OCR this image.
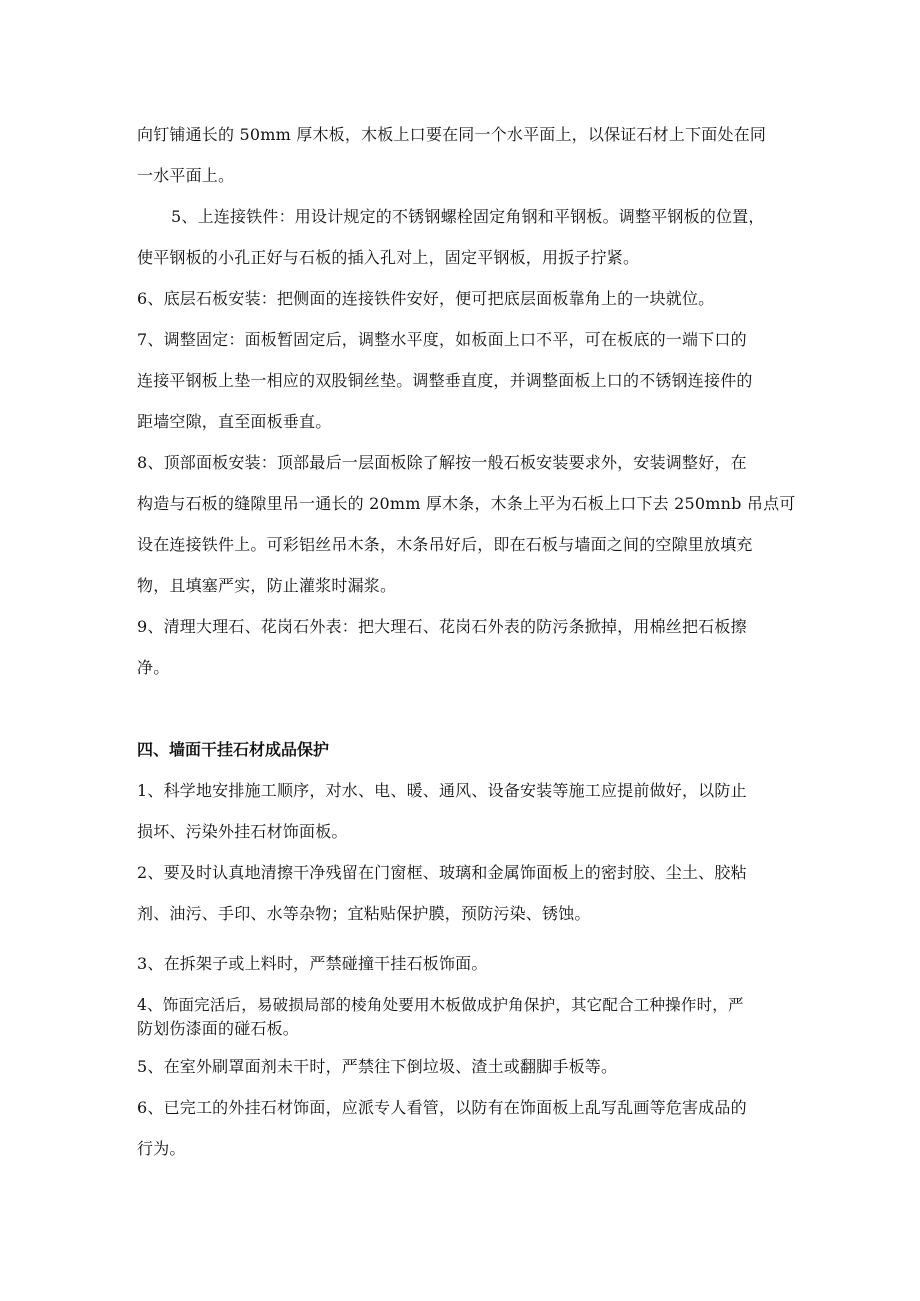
向钉铺通长的 50mm 厚木板，木板上口要在同一个水平面上，以保证石材上下面处在同
一水平面上。
5、上连接铁件：用设计规定的不锈钢螺栓固定角钢和平钢板。调整平钢板的位置，
使平钢板的小孔正好与石板的插入孔对上，固定平钢板，用扳子拧紧。
6、底层石板安装：把侧面的连接铁件安好，便可把底层面板靠角上的一块就位。
7、调整固定：面板暂固定后，调整水平度，如板面上口不平，可在板底的一端下口的
连接平钢板上垫一相应的双股铜丝垫。调整垂直度，并调整面板上口的不锈钢连接件的
距墙空隙，直至面板垂直。
8、顶部面板安装：顶部最后一层面板除了解按一般石板安装要求外，安装调整好，在
构造与石板的缝隙里吊一通长的 20mm 厚木条，木条上平为石板上口下去 250mnb 吊点可
设在连接铁件上。可彩铝丝吊木条，木条吊好后，即在石板与墙面之间的空隙里放填充
物，且填塞严实，防止灌浆时漏浆。
9、清理大理石、花岗石外表：把大理石、花岗石外表的防污条掀掉，用棉丝把石板擦
净。
四、墙面干挂石材成品保护
1、科学地安排施工顺序，对水、电、暖、通风、设备安装等施工应提前做好，以防止
损坏、污染外挂石材饰面板。
2、要及时认真地清擦干净残留在门窗框、玻璃和金属饰面板上的密封胶、尘土、胶粘
剂、油污、手印、水等杂物；宜粘贴保护膜，预防污染、锈蚀。
3、在拆架子或上料时，严禁碰撞干挂石板饰面。
4、饰面完活后，易破损局部的棱角处要用木板做成护角保护，其它配合工种操作时，严
防划伤漆面的碰石板。
5、在室外刷罩面剂未干时，严禁往下倒垃圾、渣土或翻脚手板等。
6、已完工的外挂石材饰面，应派专人看管，以防有在饰面板上乱写乱画等危害成品的
行为。
